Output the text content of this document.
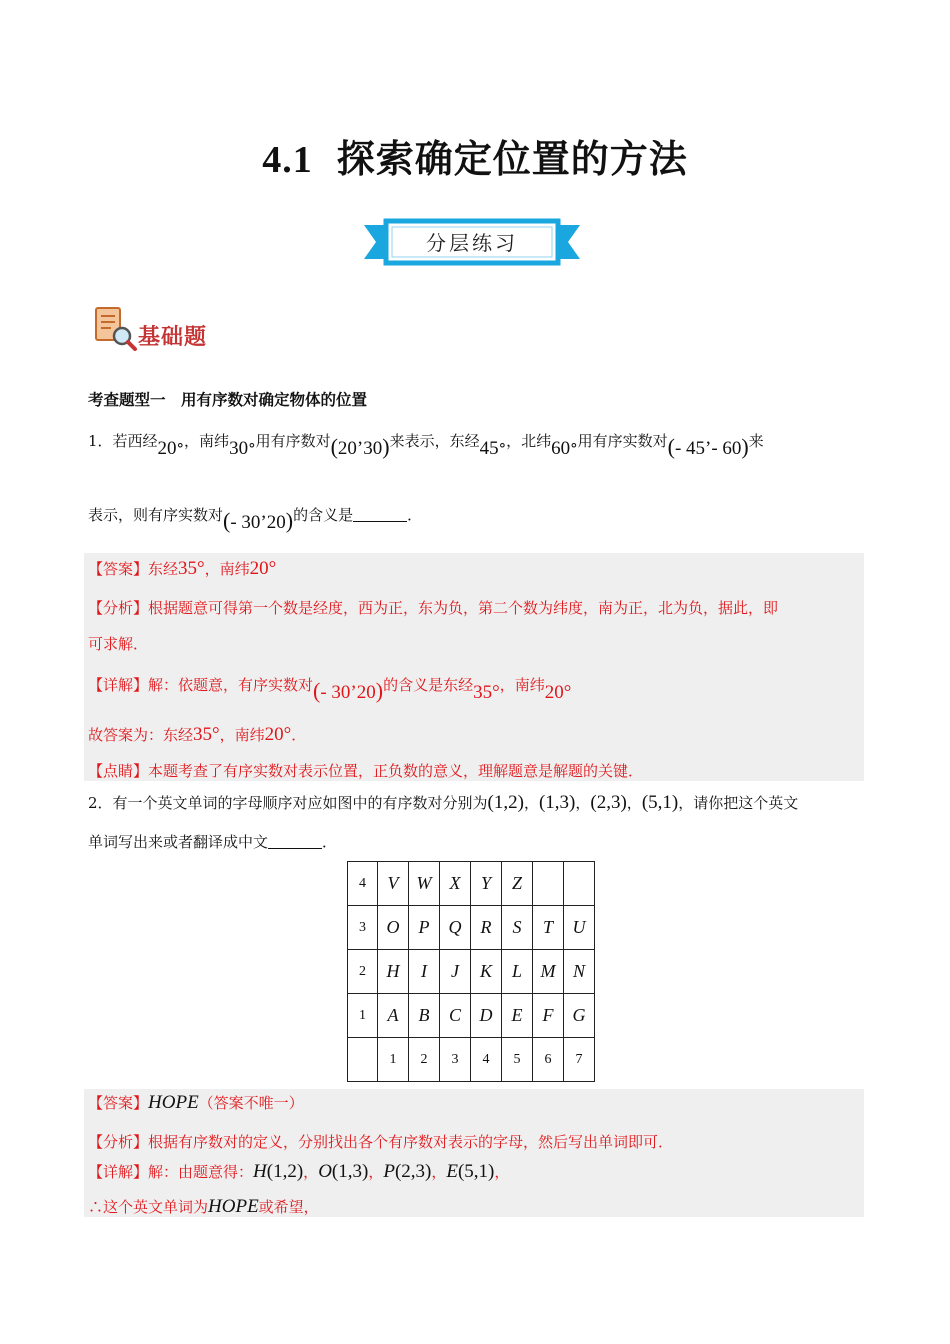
4.1 探索确定位置的方法
分层练习
基础题
考查题型一　用有序数对确定物体的位置
1．若西经20°，南纬30°用有序数对(20’30)来表示，东经45°，北纬60°用有序实数对(- 45’- 60)来
表示，则有序实数对(- 30’20)的含义是	．
【答案】东经35°，南纬20°
【分析】根据题意可得第一个数是经度，西为正，东为负，第二个数为纬度，南为正，北为负，据此，即
可求解．
【详解】解：依题意，有序实数对(- 30’20)的含义是东经35°，南纬20°
故答案为：东经35°，南纬20°．
【点睛】本题考查了有序实数对表示位置，正负数的意义，理解题意是解题的关键．
2．有一个英文单词的字母顺序对应如图中的有序数对分别为(1,2)，(1,3)，(2,3)，(5,1)，请你把这个英文
单词写出来或者翻译成中文	．
4	V	W	X	Y	Z		
3	O	P	Q	R	S	T	U
2	H	I	J	K	L	M	N
1	A	B	C	D	E	F	G
	1	2	3	4	5	6	7
【答案】HOPE（答案不唯一）
【分析】根据有序数对的定义，分别找出各个有序数对表示的字母，然后写出单词即可．
【详解】解：由题意得：H(1,2)，O(1,3)，P(2,3)，E(5,1)，
∴这个英文单词为HOPE或希望，
